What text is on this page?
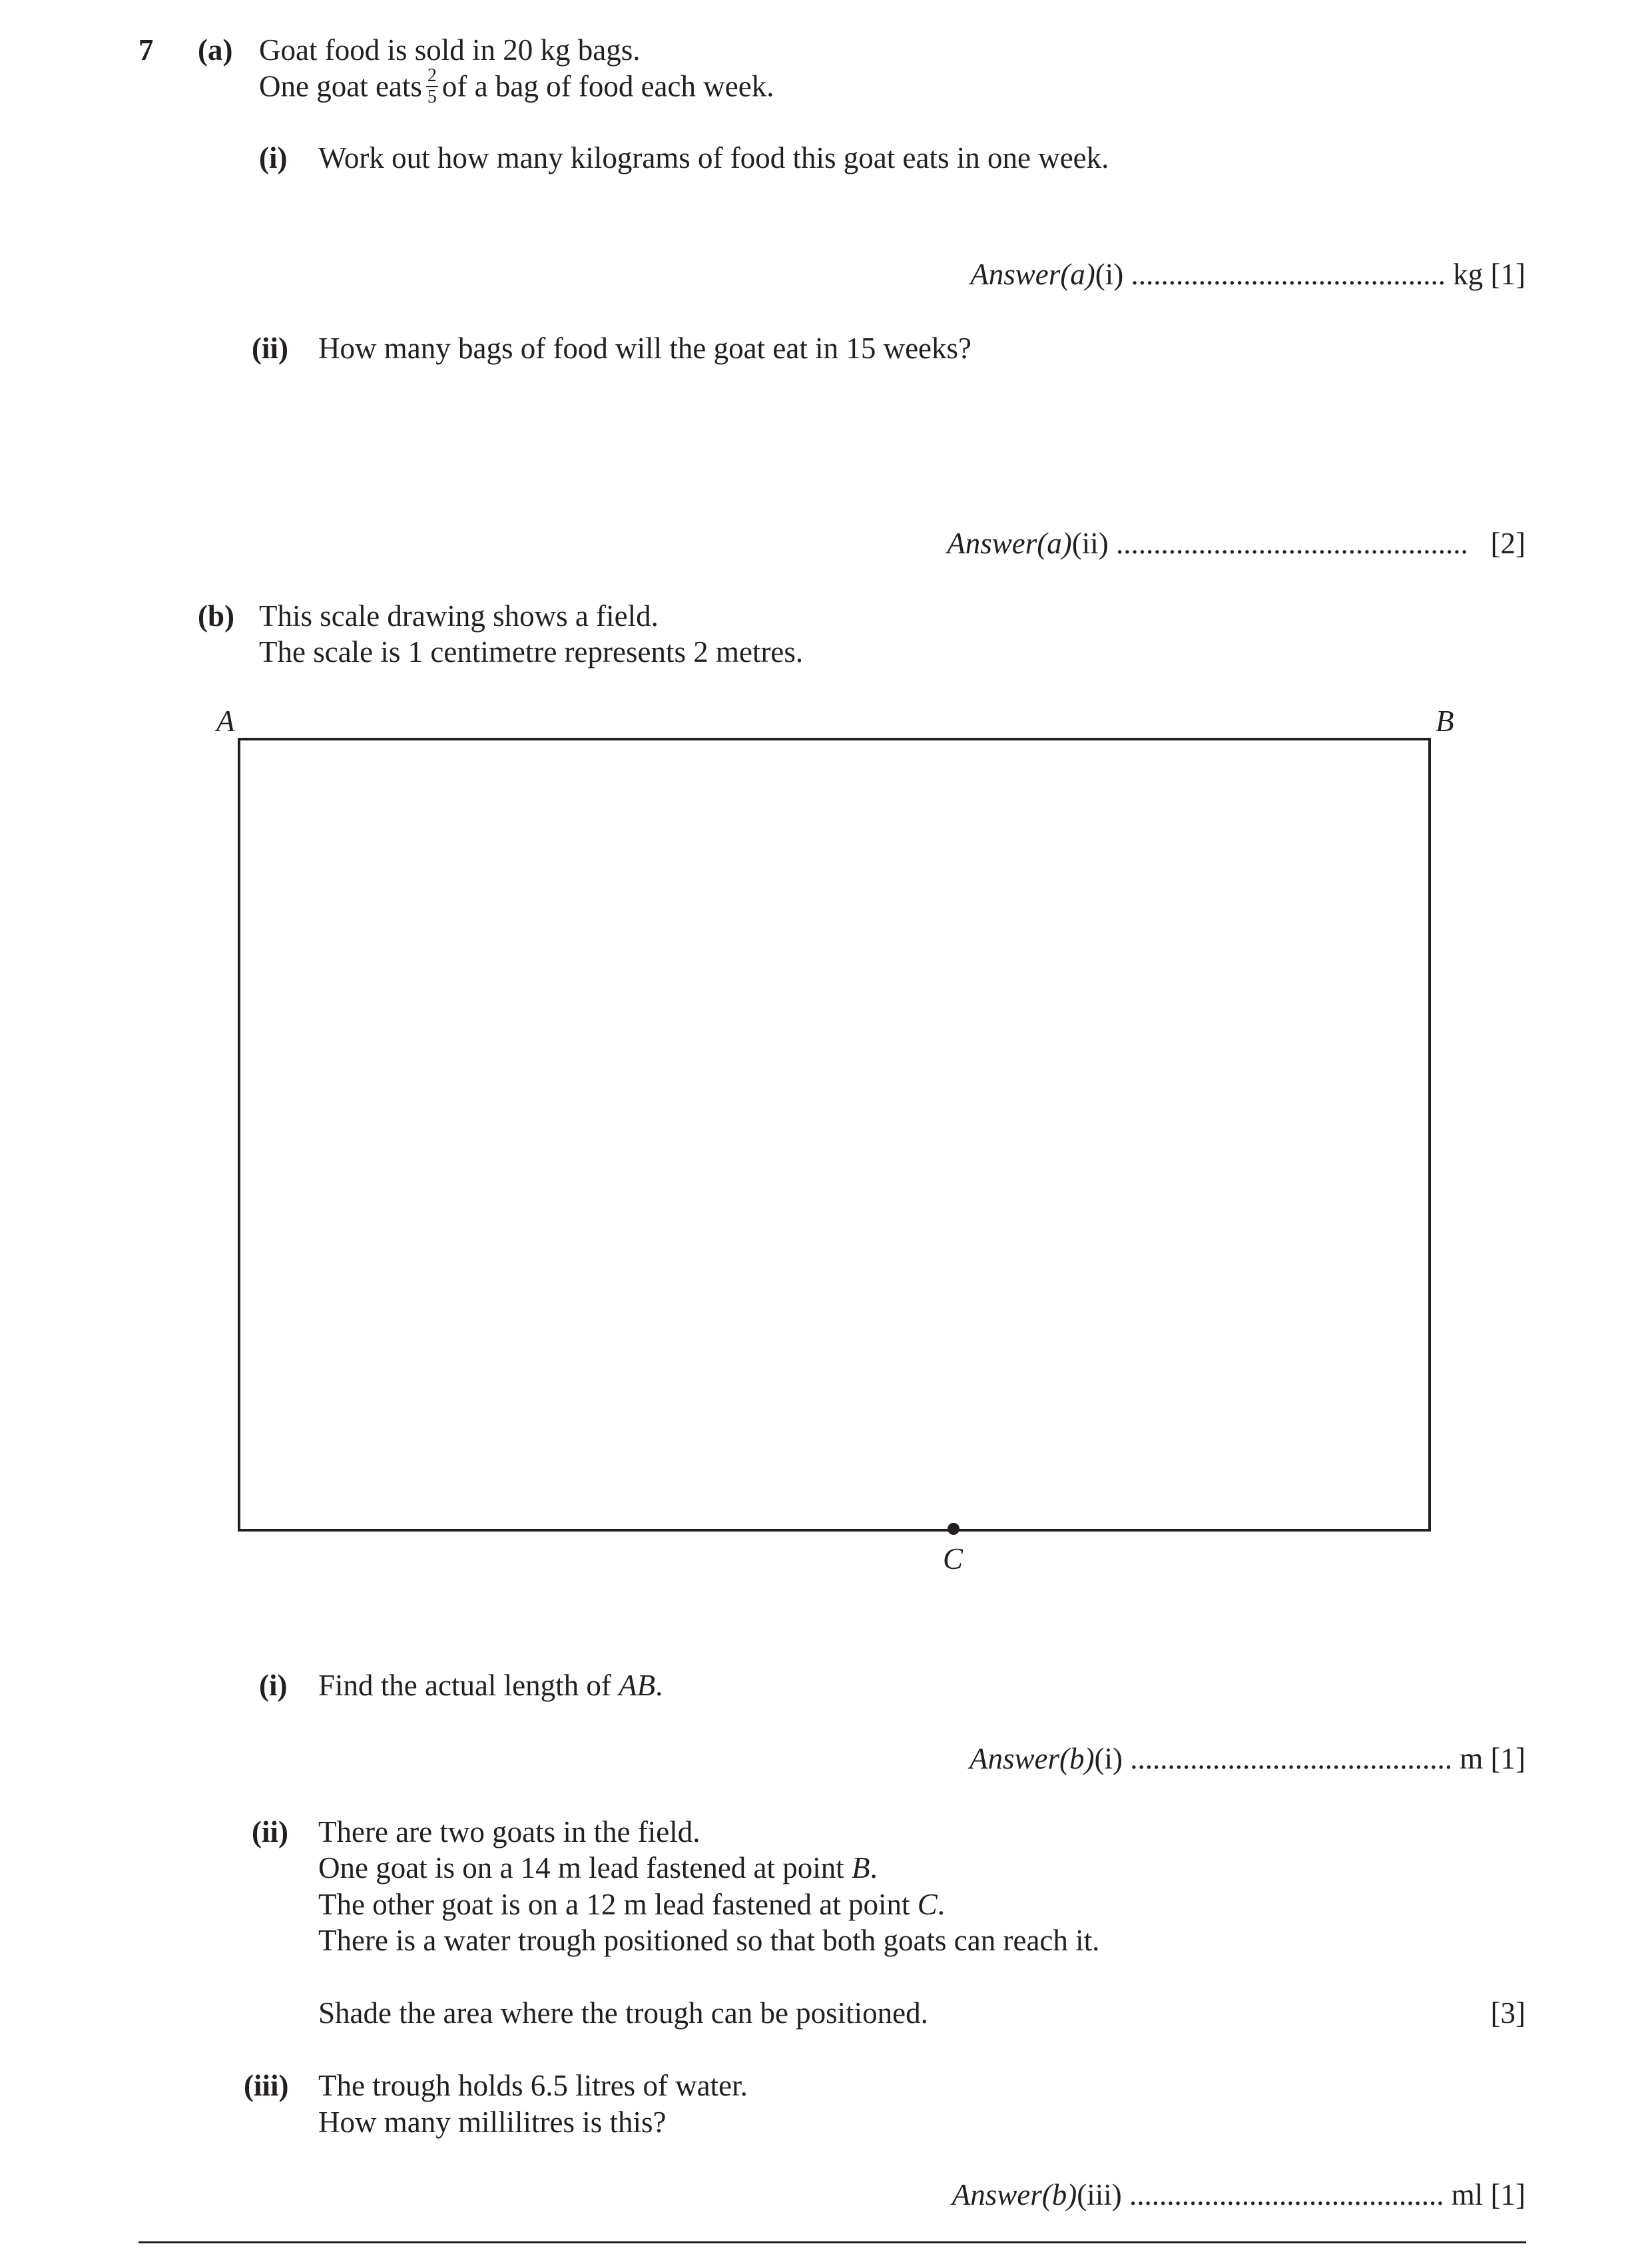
7 (a) Goat food is sold in 20 kg bags.
One goat eats $\frac{2}{5}$ of a bag of food each week.
(i) Work out how many kilograms of food this goat eats in one week.
Answer(a)(i) .......................................... kg [1]
(ii) How many bags of food will the goat eat in 15 weeks?
Answer(a)(ii) ............................................... [2]
(b) This scale drawing shows a field.
The scale is 1 centimetre represents 2 metres.
A	B
C
(i) Find the actual length of AB.
Answer(b)(i) ........................................... m [1]
(ii) There are two goats in the field.
One goat is on a 14 m lead fastened at point B.
The other goat is on a 12 m lead fastened at point C.
There is a water trough positioned so that both goats can reach it.
Shade the area where the trough can be positioned.	[3]
(iii) The trough holds 6.5 litres of water.
How many millilitres is this?
Answer(b)(iii) .......................................... ml [1]
